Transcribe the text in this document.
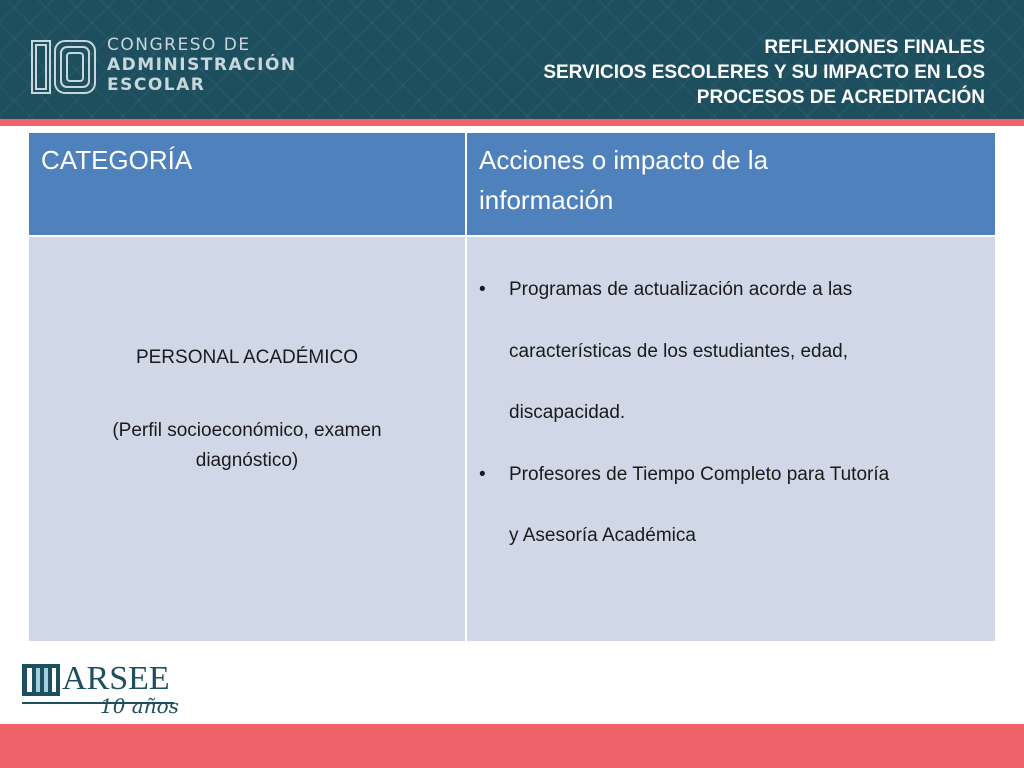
CONGRESO DE
ADMINISTRACIÓN
ESCOLAR
REFLEXIONES FINALES
SERVICIOS ESCOLERES Y SU IMPACTO EN LOS
PROCESOS DE ACREDITACIÓN
CATEGORÍA	Acciones o impacto de la
información
PERSONAL ACADÉMICO
(Perfil socioeconómico, examen
diagnóstico)
• Programas de actualización acorde a las
características de los estudiantes, edad,
discapacidad.
• Profesores de Tiempo Completo para Tutoría
y Asesoría Académica
ARSEE
10 años
